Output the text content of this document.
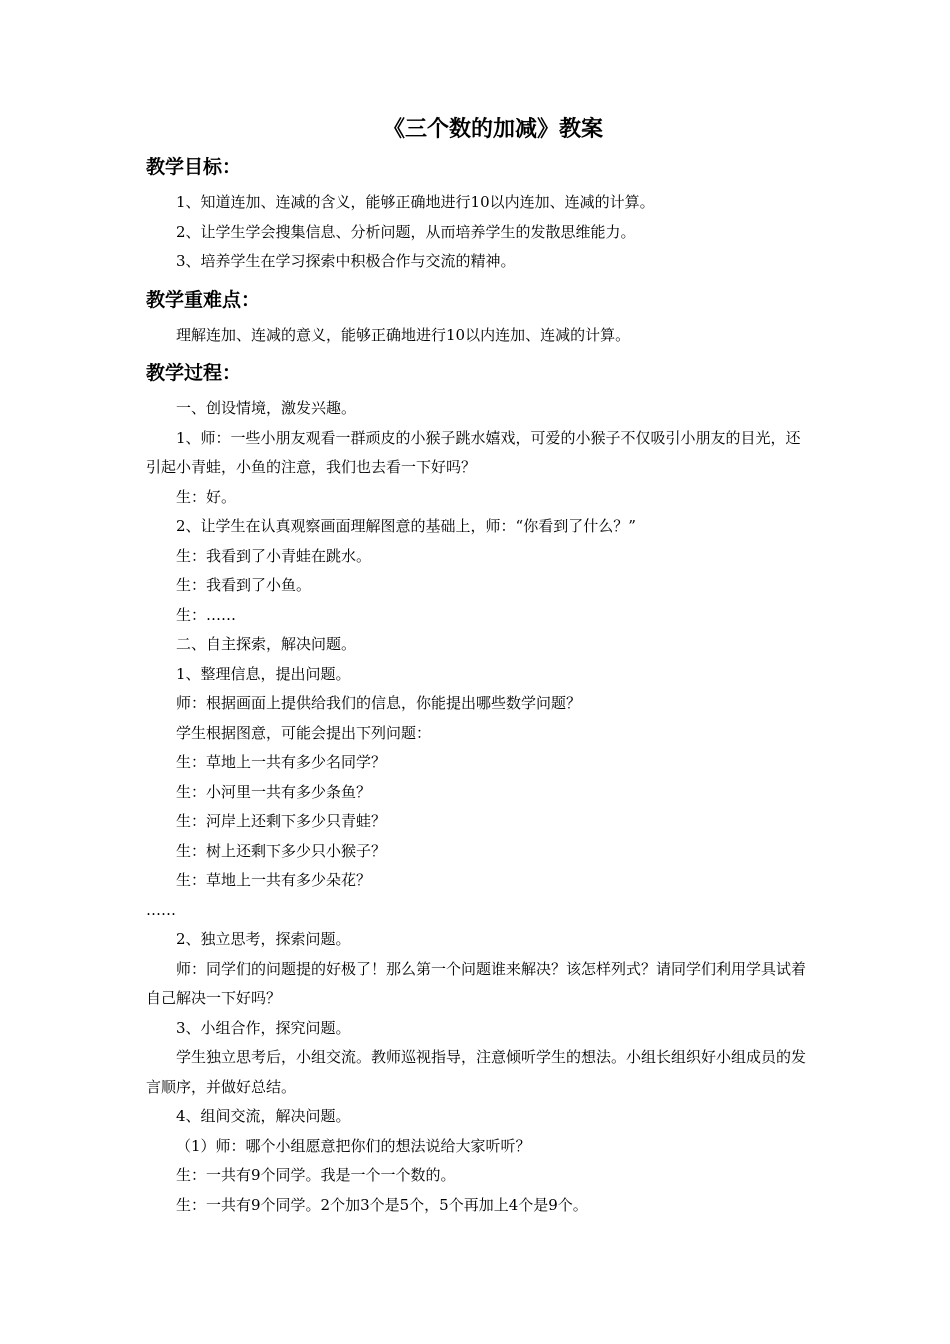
《三个数的加减》教案
教学目标：

1、知道连加、连减的含义，能够正确地进行10以内连加、连减的计算。

2、让学生学会搜集信息、分析问题，从而培养学生的发散思维能力。

3、培养学生在学习探索中积极合作与交流的精神。

教学重难点：

理解连加、连减的意义，能够正确地进行10以内连加、连减的计算。

教学过程：

一、创设情境，激发兴趣。

1、师：一些小朋友观看一群顽皮的小猴子跳水嬉戏，可爱的小猴子不仅吸引小朋友的目光，还引起小青蛙，小鱼的注意，我们也去看一下好吗？

生：好。

2、让学生在认真观察画面理解图意的基础上，师：“你看到了什么？”

生：我看到了小青蛙在跳水。

生：我看到了小鱼。

生：……

二、自主探索，解决问题。

1、整理信息，提出问题。

师：根据画面上提供给我们的信息，你能提出哪些数学问题？

学生根据图意，可能会提出下列问题：

生：草地上一共有多少名同学？

生：小河里一共有多少条鱼？

生：河岸上还剩下多少只青蛙？

生：树上还剩下多少只小猴子？

生：草地上一共有多少朵花？

……

2、独立思考，探索问题。

师：同学们的问题提的好极了！那么第一个问题谁来解决？该怎样列式？请同学们利用学具试着自己解决一下好吗？

3、小组合作，探究问题。

学生独立思考后，小组交流。教师巡视指导，注意倾听学生的想法。小组长组织好小组成员的发言顺序，并做好总结。

4、组间交流，解决问题。

（1）师：哪个小组愿意把你们的想法说给大家听听？

生：一共有9个同学。我是一个一个数的。

生：一共有9个同学。2个加3个是5个，5个再加上4个是9个。
